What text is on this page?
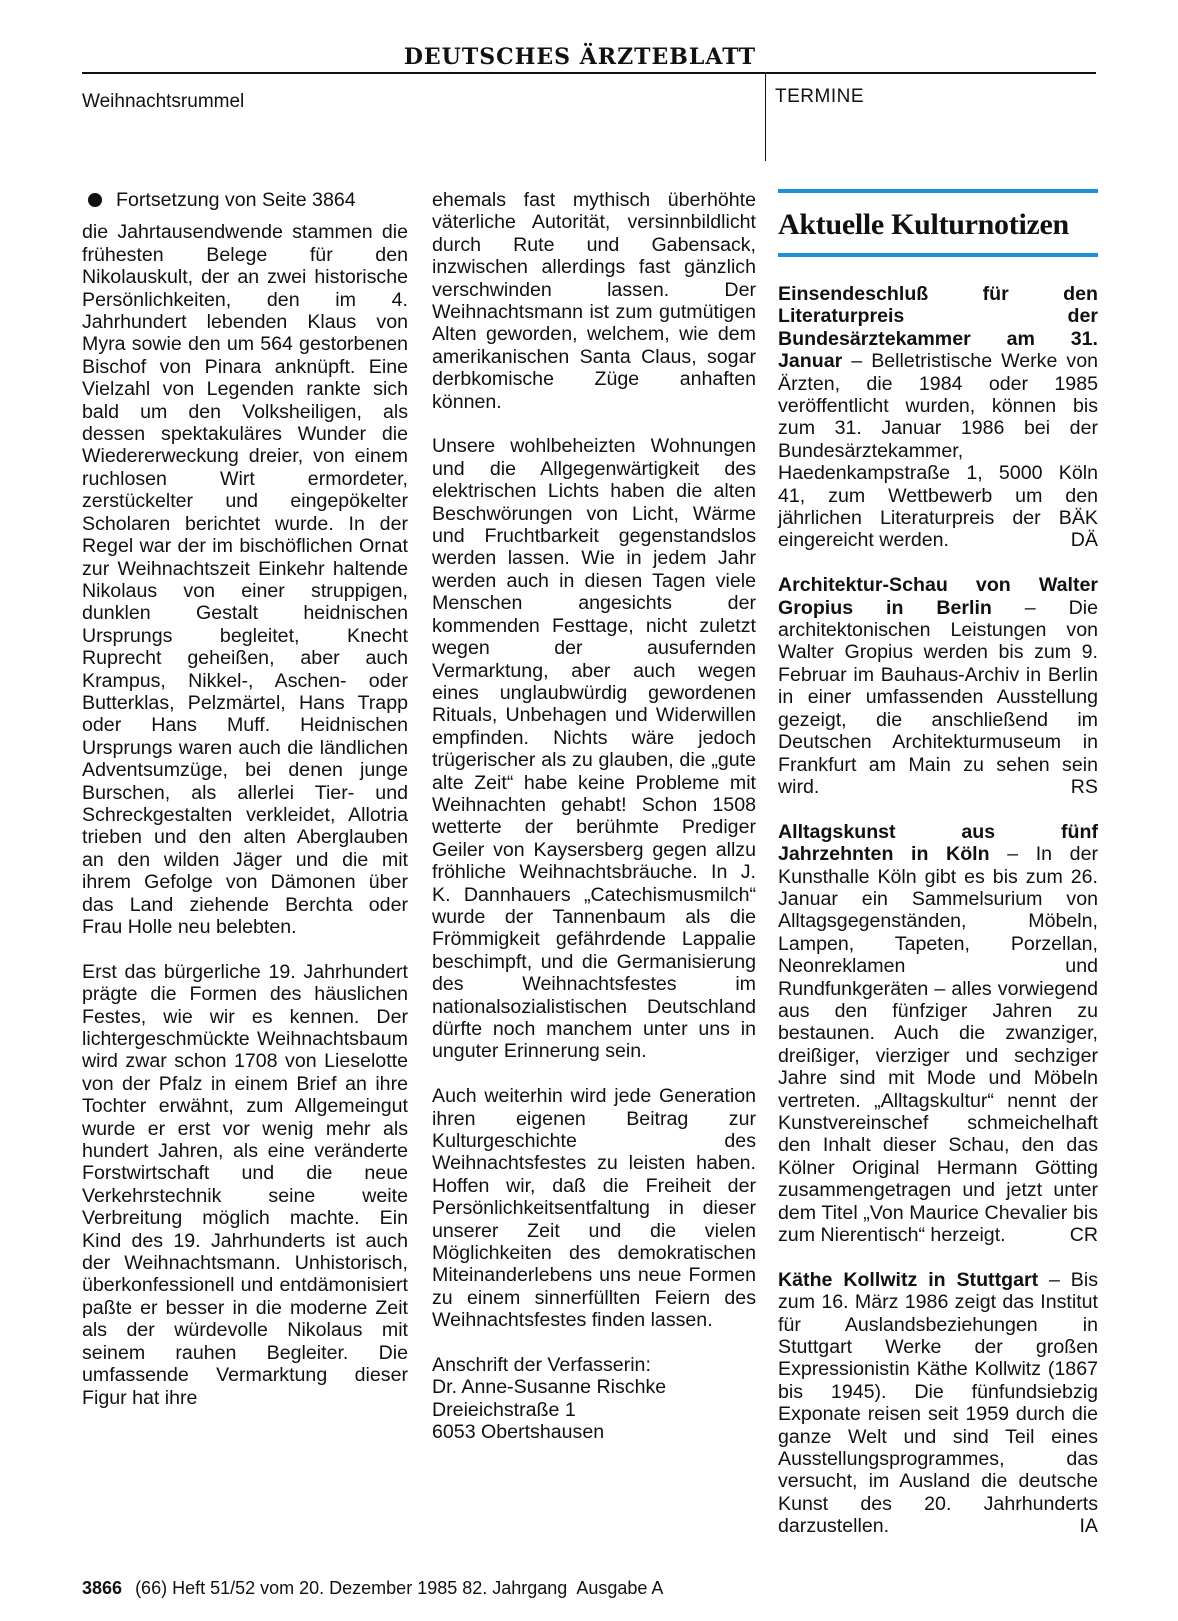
DEUTSCHES ÄRZTEBLATT
Weihnachtsrummel	TERMINE
Fortsetzung von Seite 3864

die Jahrtausendwende stammen die frühesten Belege für den Nikolauskult, der an zwei historische Persönlichkeiten, den im 4. Jahrhundert lebenden Klaus von Myra sowie den um 564 gestorbenen Bischof von Pinara anknüpft. Eine Vielzahl von Legenden rankte sich bald um den Volksheiligen, als dessen spektakuläres Wunder die Wiedererweckung dreier, von einem ruchlosen Wirt ermordeter, zerstückelter und eingepökelter Scholaren berichtet wurde. In der Regel war der im bischöflichen Ornat zur Weihnachtszeit Einkehr haltende Nikolaus von einer struppigen, dunklen Gestalt heidnischen Ursprungs begleitet, Knecht Ruprecht geheißen, aber auch Krampus, Nikkel-, Aschen- oder Butterklas, Pelzmärtel, Hans Trapp oder Hans Muff. Heidnischen Ursprungs waren auch die ländlichen Adventsumzüge, bei denen junge Burschen, als allerlei Tier- und Schreckgestalten verkleidet, Allotria trieben und den alten Aberglauben an den wilden Jäger und die mit ihrem Gefolge von Dämonen über das Land ziehende Berchta oder Frau Holle neu belebten.

Erst das bürgerliche 19. Jahrhundert prägte die Formen des häuslichen Festes, wie wir es kennen. Der lichtergeschmückte Weihnachtsbaum wird zwar schon 1708 von Lieselotte von der Pfalz in einem Brief an ihre Tochter erwähnt, zum Allgemeingut wurde er erst vor wenig mehr als hundert Jahren, als eine veränderte Forstwirtschaft und die neue Verkehrstechnik seine weite Verbreitung möglich machte. Ein Kind des 19. Jahrhunderts ist auch der Weihnachtsmann. Unhistorisch, überkonfessionell und entdämonisiert paßte er besser in die moderne Zeit als der würdevolle Nikolaus mit seinem rauhen Begleiter. Die umfassende Vermarktung dieser Figur hat ihre

ehemals fast mythisch überhöhte väterliche Autorität, versinnbildlicht durch Rute und Gabensack, inzwischen allerdings fast gänzlich verschwinden lassen. Der Weihnachtsmann ist zum gutmütigen Alten geworden, welchem, wie dem amerikanischen Santa Claus, sogar derbkomische Züge anhaften können.

Unsere wohlbeheizten Wohnungen und die Allgegenwärtigkeit des elektrischen Lichts haben die alten Beschwörungen von Licht, Wärme und Fruchtbarkeit gegenstandslos werden lassen. Wie in jedem Jahr werden auch in diesen Tagen viele Menschen angesichts der kommenden Festtage, nicht zuletzt wegen der ausufernden Vermarktung, aber auch wegen eines unglaubwürdig gewordenen Rituals, Unbehagen und Widerwillen empfinden. Nichts wäre jedoch trügerischer als zu glauben, die „gute alte Zeit“ habe keine Probleme mit Weihnachten gehabt! Schon 1508 wetterte der berühmte Prediger Geiler von Kaysersberg gegen allzu fröhliche Weihnachtsbräuche. In J. K. Dannhauers „Catechismusmilch“ wurde der Tannenbaum als die Frömmigkeit gefährdende Lappalie beschimpft, und die Germanisierung des Weihnachtsfestes im nationalsozialistischen Deutschland dürfte noch manchem unter uns in unguter Erinnerung sein.

Auch weiterhin wird jede Generation ihren eigenen Beitrag zur Kulturgeschichte des Weihnachtsfestes zu leisten haben. Hoffen wir, daß die Freiheit der Persönlichkeitsentfaltung in dieser unserer Zeit und die vielen Möglichkeiten des demokratischen Miteinanderlebens uns neue Formen zu einem sinnerfüllten Feiern des Weihnachtsfestes finden lassen.

Anschrift der Verfasserin:
Dr. Anne-Susanne Rischke
Dreieichstraße 1
6053 Obertshausen
Aktuelle Kulturnotizen

Einsendeschluß für den Literaturpreis der Bundesärztekammer am 31. Januar – Belletristische Werke von Ärzten, die 1984 oder 1985 veröffentlicht wurden, können bis zum 31. Januar 1986 bei der Bundesärztekammer, Haedenkampstraße 1, 5000 Köln 41, zum Wettbewerb um den jährlichen Literaturpreis der BÄK eingereicht werden.	DÄ

Architektur-Schau von Walter Gropius in Berlin – Die architektonischen Leistungen von Walter Gropius werden bis zum 9. Februar im Bauhaus-Archiv in Berlin in einer umfassenden Ausstellung gezeigt, die anschließend im Deutschen Architekturmuseum in Frankfurt am Main zu sehen sein wird.	RS

Alltagskunst aus fünf Jahrzehnten in Köln – In der Kunsthalle Köln gibt es bis zum 26. Januar ein Sammelsurium von Alltagsgegenständen, Möbeln, Lampen, Tapeten, Porzellan, Neonreklamen und Rundfunkgeräten – alles vorwiegend aus den fünfziger Jahren zu bestaunen. Auch die zwanziger, dreißiger, vierziger und sechziger Jahre sind mit Mode und Möbeln vertreten. „Alltagskultur“ nennt der Kunstvereinschef schmeichelhaft den Inhalt dieser Schau, den das Kölner Original Hermann Götting zusammengetragen und jetzt unter dem Titel „Von Maurice Chevalier bis zum Nierentisch“ herzeigt.	CR

Käthe Kollwitz in Stuttgart – Bis zum 16. März 1986 zeigt das Institut für Auslandsbeziehungen in Stuttgart Werke der großen Expressionistin Käthe Kollwitz (1867 bis 1945). Die fünfundsiebzig Exponate reisen seit 1959 durch die ganze Welt und sind Teil eines Ausstellungsprogrammes, das versucht, im Ausland die deutsche Kunst des 20. Jahrhunderts darzustellen.	IA

3866 (66) Heft 51/52 vom 20. Dezember 1985 82. Jahrgang  Ausgabe A
